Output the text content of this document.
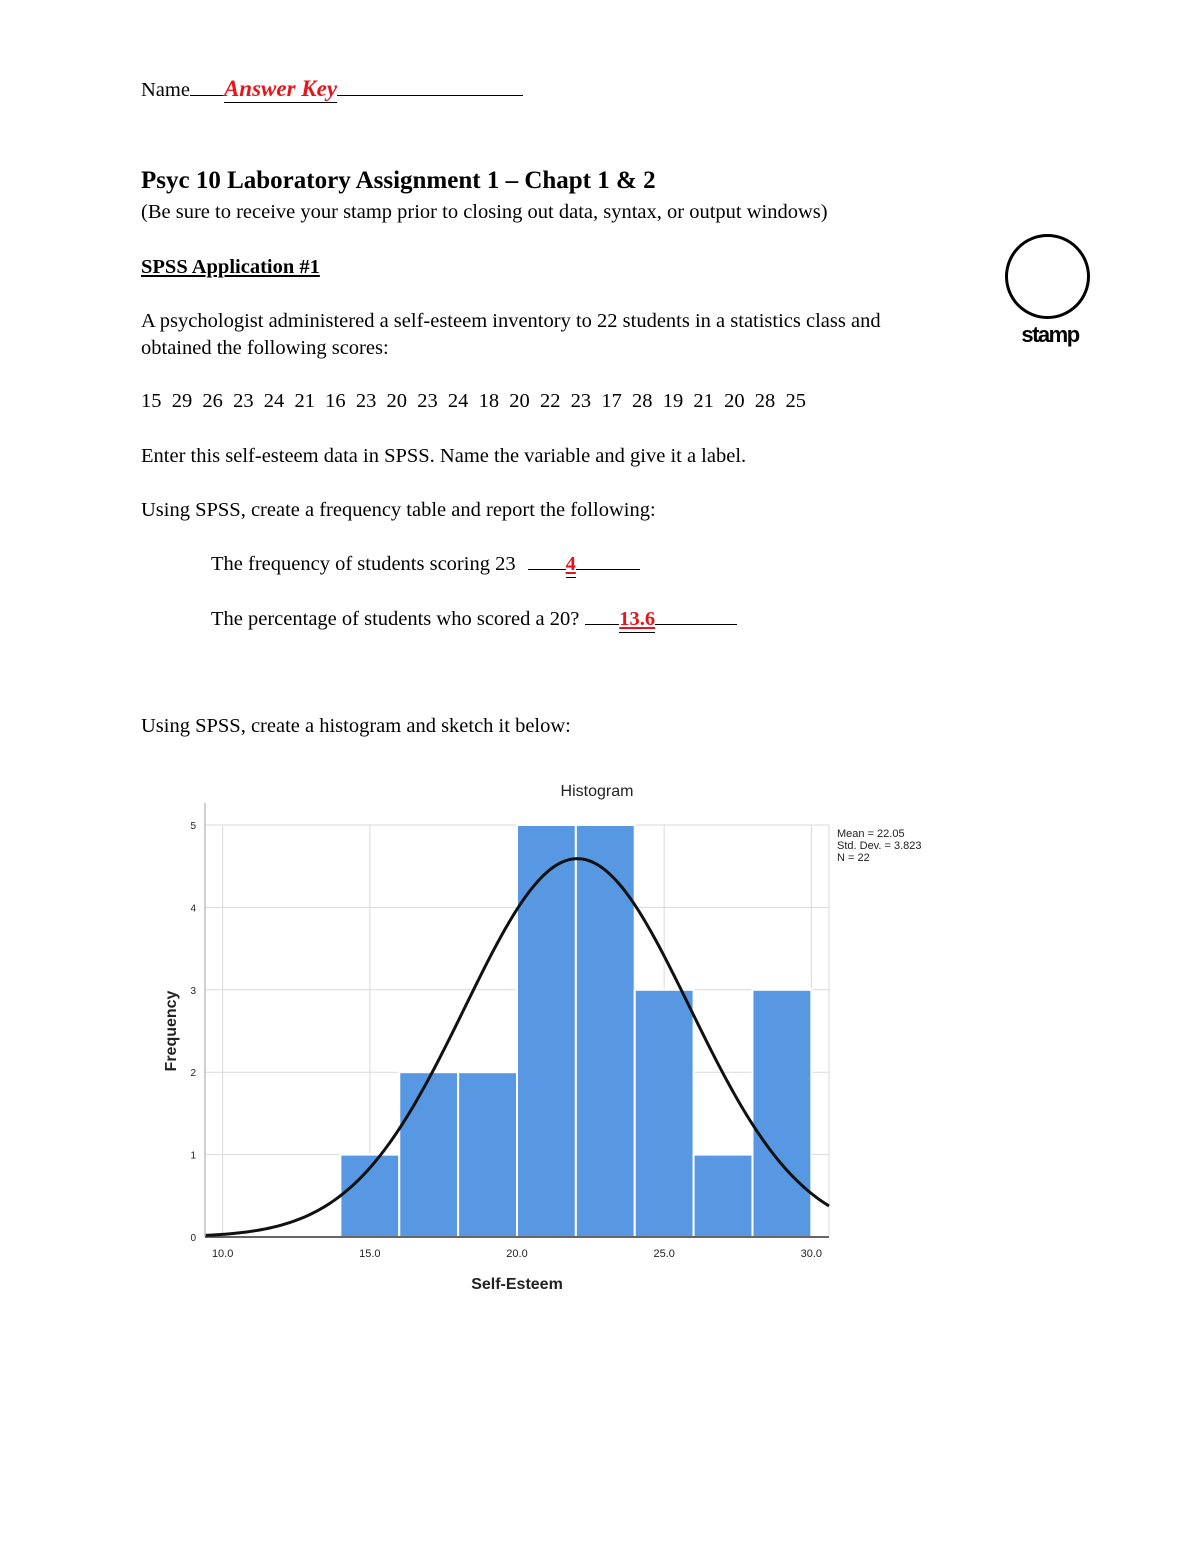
Name Answer Key
Psyc 10 Laboratory Assignment 1 – Chapt 1 & 2
(Be sure to receive your stamp prior to closing out data, syntax, or output windows)
SPSS Application #1
A psychologist administered a self-esteem inventory to 22 students in a statistics class and
obtained the following scores:
15 29 26 23 24 21 16 23 20 23 24 18 20 22 23 17 28 19 21 20 28 25
Enter this self-esteem data in SPSS. Name the variable and give it a label.
Using SPSS, create a frequency table and report the following:
The frequency of students scoring 23 4
The percentage of students who scored a 20? 13.6
Using SPSS, create a histogram and sketch it below:
stamp
0
1
2
3
4
5
10.0	15.0	20.0	25.0	30.0
Histogram
Self-Esteem
Frequency
Mean = 22.05
Std. Dev. = 3.823
N = 22
